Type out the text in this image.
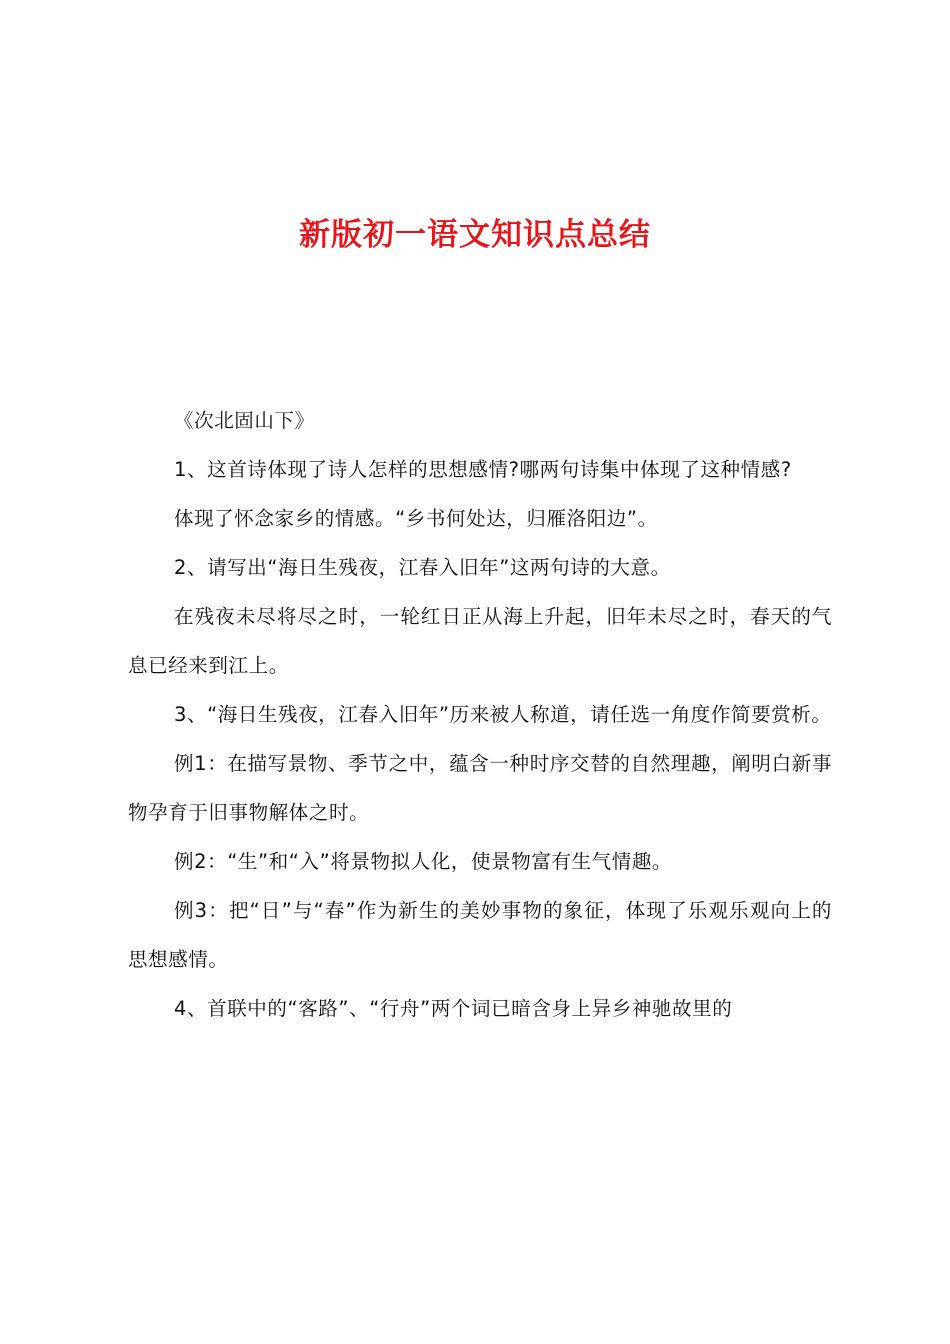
新版初一语文知识点总结

《次北固山下》

1、这首诗体现了诗人怎样的思想感情?哪两句诗集中体现了这种情感?

体现了怀念家乡的情感。“乡书何处达，归雁洛阳边”。

2、请写出“海日生残夜，江春入旧年”这两句诗的大意。

在残夜未尽将尽之时，一轮红日正从海上升起，旧年未尽之时，春天的气息已经来到江上。

3、“海日生残夜，江春入旧年”历来被人称道，请任选一角度作简要赏析。

例1：在描写景物、季节之中，蕴含一种时序交替的自然理趣，阐明白新事物孕育于旧事物解体之时。

例2：“生”和“入”将景物拟人化，使景物富有生气情趣。

例3：把“日”与“春”作为新生的美妙事物的象征，体现了乐观乐观向上的思想感情。

4、首联中的“客路”、“行舟”两个词已暗含身上异乡神驰故里的
